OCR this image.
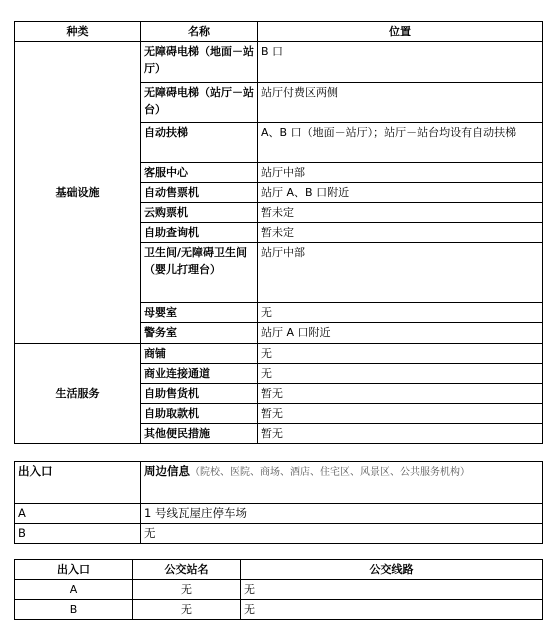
种类	名称	位置
基础设施	无障碍电梯（地面－站厅）	B 口
	无障碍电梯（站厅－站台）	站厅付费区两侧
	自动扶梯	A、B 口（地面－站厅）；站厅－站台均设有自动扶梯
	客服中心	站厅中部
	自动售票机	站厅 A、B 口附近
	云购票机	暂未定
	自助查询机	暂未定
	卫生间/无障碍卫生间（婴儿打理台）	站厅中部
	母婴室	无
	警务室	站厅 A 口附近
生活服务	商铺	无
	商业连接通道	无
	自助售货机	暂无
	自助取款机	暂无
	其他便民措施	暂无
出入口	周边信息（院校、医院、商场、酒店、住宅区、风景区、公共服务机构）
A	1 号线瓦屋庄停车场
B	无
出入口	公交站名	公交线路
A	无	无
B	无	无
